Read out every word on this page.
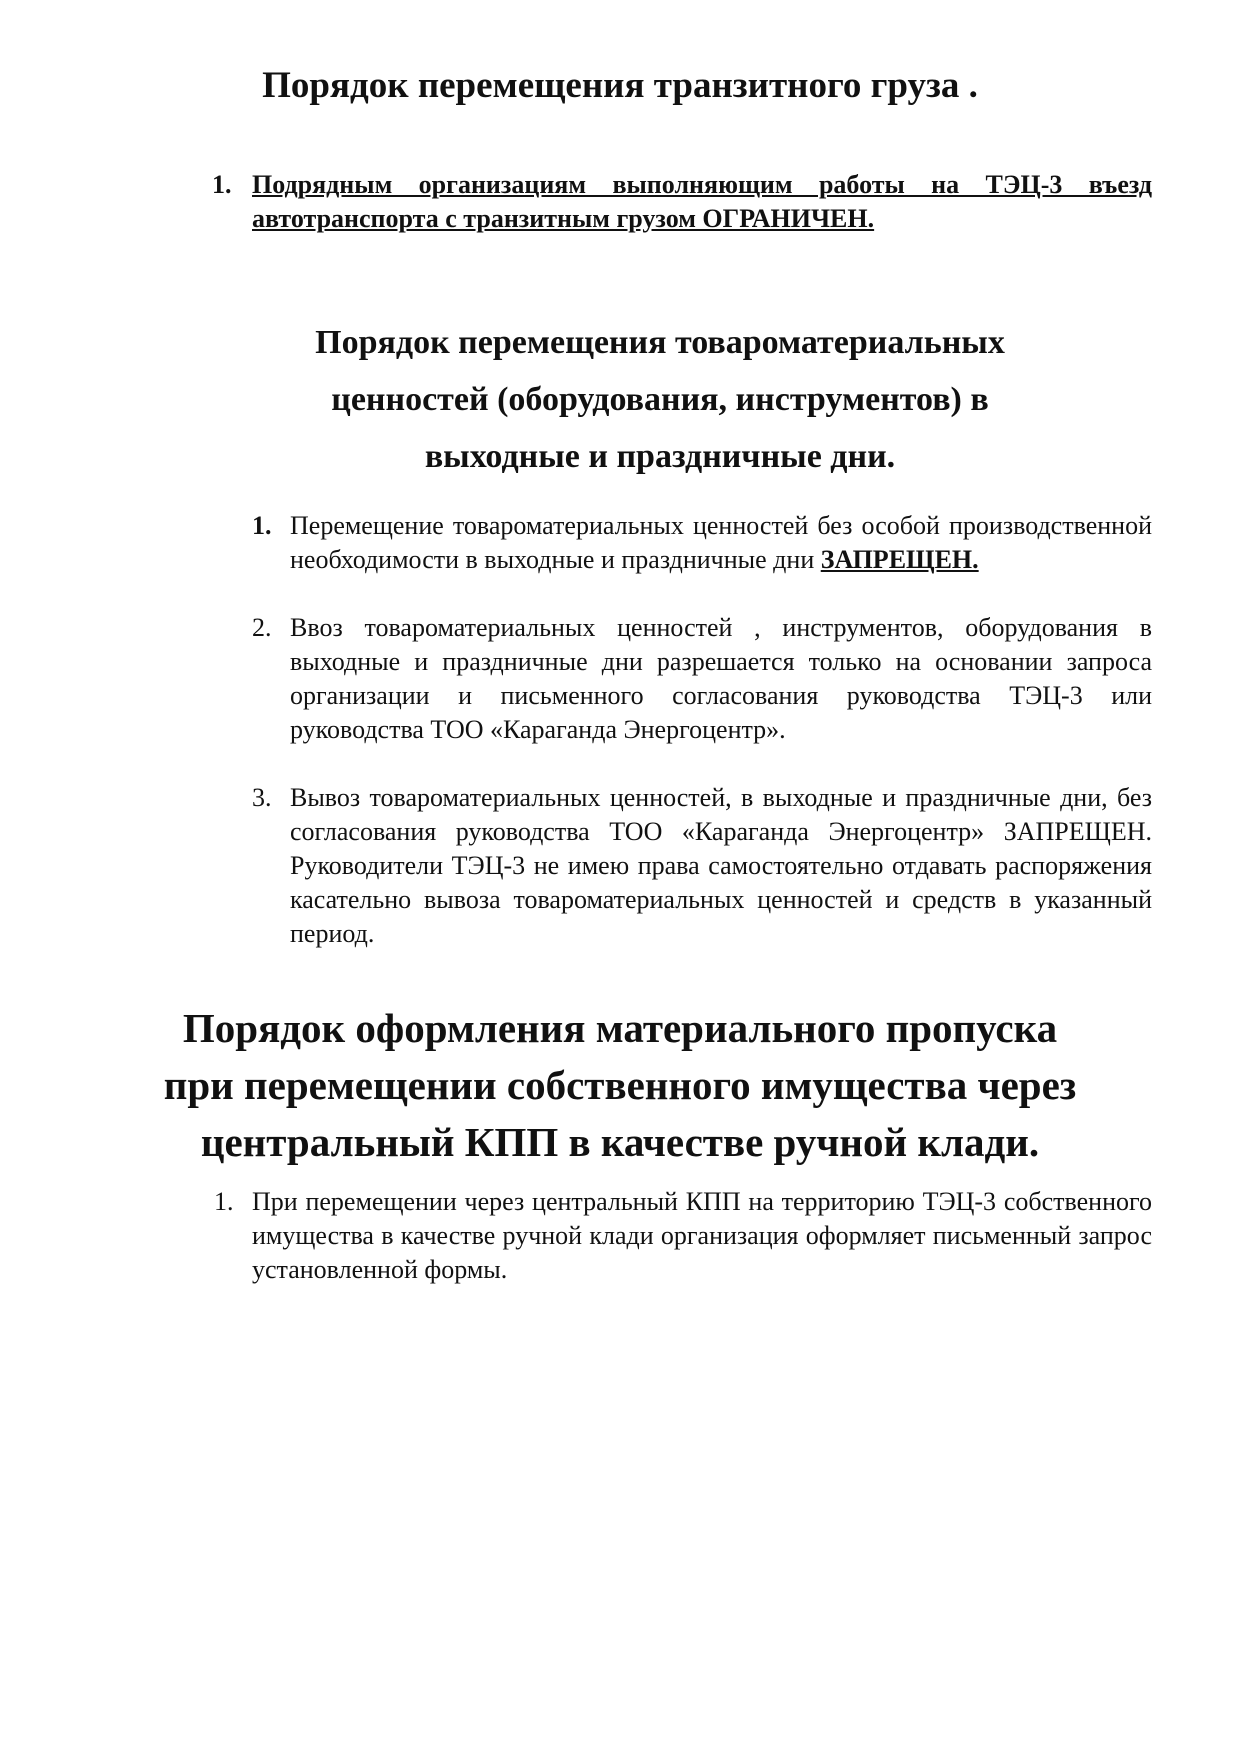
Порядок перемещения транзитного груза .
1. Подрядным организациям выполняющим работы на ТЭЦ-3 въезд автотранспорта с транзитным грузом ОГРАНИЧЕН.
Порядок перемещения товароматериальных ценностей (оборудования, инструментов) в выходные и праздничные дни.
1. Перемещение товароматериальных ценностей без особой производственной необходимости в выходные и праздничные дни ЗАПРЕЩЕН.
2. Ввоз товароматериальных ценностей , инструментов, оборудования в выходные и праздничные дни разрешается только на основании запроса организации и письменного согласования руководства ТЭЦ-3 или руководства ТОО «Караганда Энергоцентр».
3. Вывоз товароматериальных ценностей, в выходные и праздничные дни, без согласования руководства ТОО «Караганда Энергоцентр» ЗАПРЕЩЕН. Руководители ТЭЦ-3 не имею права самостоятельно отдавать распоряжения касательно вывоза товароматериальных ценностей и средств в указанный период.
Порядок оформления материального пропуска при перемещении собственного имущества через центральный КПП в качестве ручной клади.
1. При перемещении через центральный КПП на территорию ТЭЦ-3 собственного имущества в качестве ручной клади организация оформляет письменный запрос установленной формы.
